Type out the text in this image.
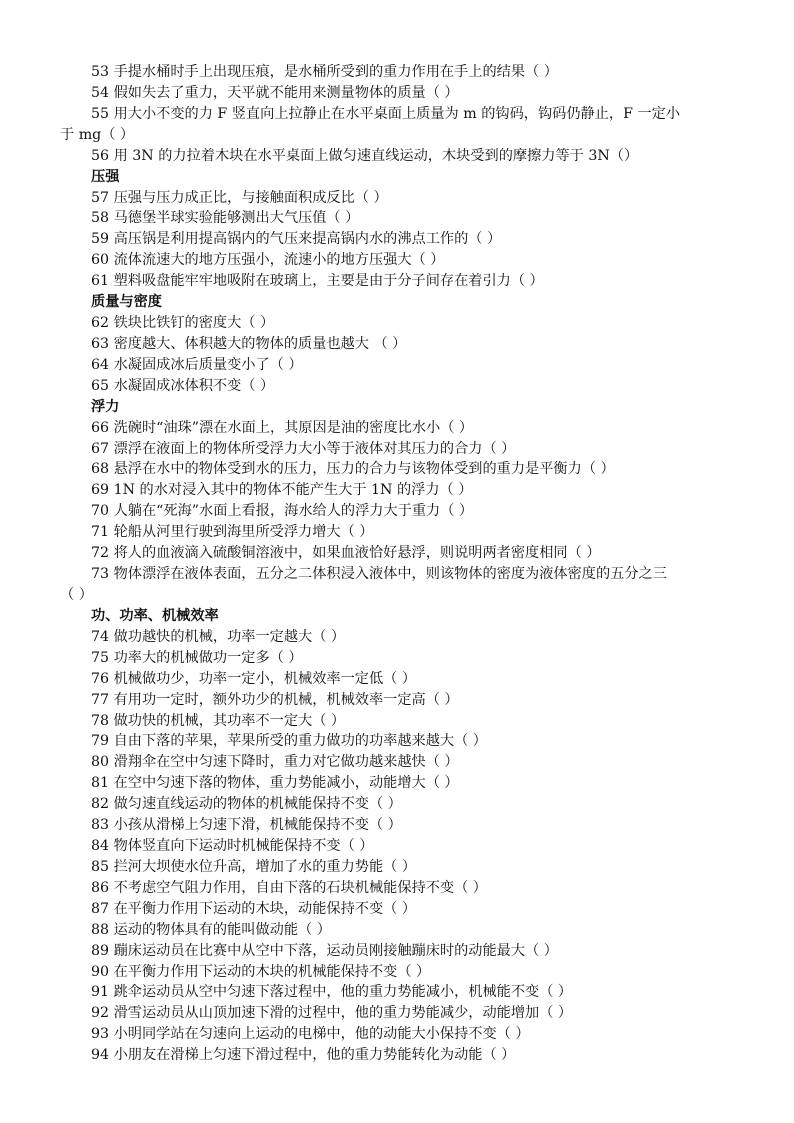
53 手提水桶时手上出现压痕，是水桶所受到的重力作用在手上的结果（ ）
54 假如失去了重力，天平就不能用来测量物体的质量（ ）
55 用大小不变的力 F 竖直向上拉静止在水平桌面上质量为 m 的钩码，钩码仍静止，F 一定小
于 mg（ ）
56 用 3N 的力拉着木块在水平桌面上做匀速直线运动，木块受到的摩擦力等于 3N（）
压强
57 压强与压力成正比，与接触面积成反比（ ）
58 马德堡半球实验能够测出大气压值（ ）
59 高压锅是利用提高锅内的气压来提高锅内水的沸点工作的（ ）
60 流体流速大的地方压强小，流速小的地方压强大（ ）
61 塑料吸盘能牢牢地吸附在玻璃上，主要是由于分子间存在着引力（ ）
质量与密度
62 铁块比铁钉的密度大（ ）
63 密度越大、体积越大的物体的质量也越大 （ ）
64 水凝固成冰后质量变小了（ ）
65 水凝固成冰体积不变（ ）
浮力
66 洗碗时“油珠”漂在水面上，其原因是油的密度比水小（ ）
67 漂浮在液面上的物体所受浮力大小等于液体对其压力的合力（ ）
68 悬浮在水中的物体受到水的压力，压力的合力与该物体受到的重力是平衡力（ ）
69 1N 的水对浸入其中的物体不能产生大于 1N 的浮力（ ）
70 人躺在“死海”水面上看报，海水给人的浮力大于重力（ ）
71 轮船从河里行驶到海里所受浮力增大（ ）
72 将人的血液滴入硫酸铜溶液中，如果血液恰好悬浮，则说明两者密度相同（ ）
73 物体漂浮在液体表面，五分之二体积浸入液体中，则该物体的密度为液体密度的五分之三
（ ）
功、功率、机械效率
74 做功越快的机械，功率一定越大（ ）
75 功率大的机械做功一定多（ ）
76 机械做功少，功率一定小，机械效率一定低（ ）
77 有用功一定时，额外功少的机械，机械效率一定高（ ）
78 做功快的机械，其功率不一定大（ ）
79 自由下落的苹果，苹果所受的重力做功的功率越来越大（ ）
80 滑翔伞在空中匀速下降时，重力对它做功越来越快（ ）
81 在空中匀速下落的物体，重力势能减小，动能增大（ ）
82 做匀速直线运动的物体的机械能保持不变（ ）
83 小孩从滑梯上匀速下滑，机械能保持不变（ ）
84 物体竖直向下运动时机械能保持不变（ ）
85 拦河大坝使水位升高，增加了水的重力势能（ ）
86 不考虑空气阻力作用，自由下落的石块机械能保持不变（ ）
87 在平衡力作用下运动的木块，动能保持不变（ ）
88 运动的物体具有的能叫做动能（ ）
89 蹦床运动员在比赛中从空中下落，运动员刚接触蹦床时的动能最大（ ）
90 在平衡力作用下运动的木块的机械能保持不变（ ）
91 跳伞运动员从空中匀速下落过程中，他的重力势能减小，机械能不变（ ）
92 滑雪运动员从山顶加速下滑的过程中，他的重力势能减少，动能增加（ ）
93 小明同学站在匀速向上运动的电梯中，他的动能大小保持不变（ ）
94 小朋友在滑梯上匀速下滑过程中，他的重力势能转化为动能（ ）
